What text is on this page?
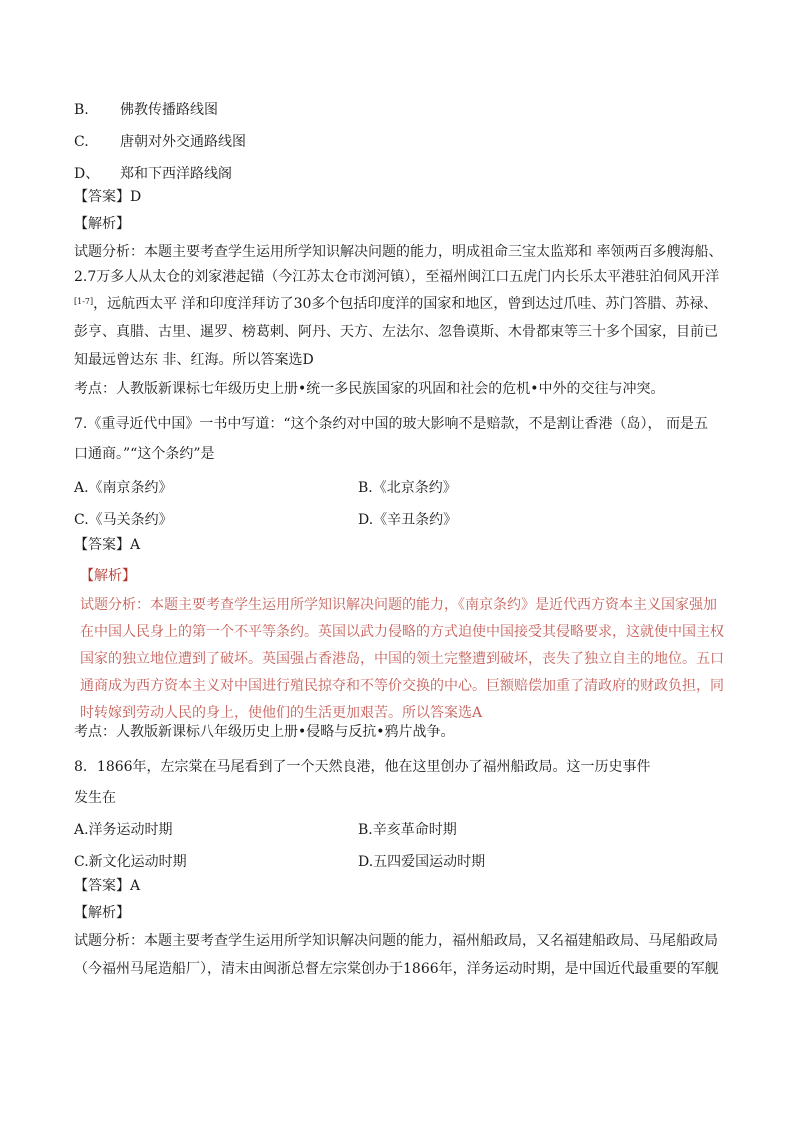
B. 佛教传播路线图
C. 唐朝对外交通路线图
D、 郑和下西洋路线阁
【答案】D
【解析】
试题分析：本题主要考查学生运用所学知识解决问题的能力，明成祖命三宝太监郑和 率领两百多艘海船、
2.7万多人从太仓的刘家港起锚（今江苏太仓市浏河镇），至福州闽江口五虎门内长乐太平港驻泊伺风开洋
[1-7]，远航西太平 洋和印度洋拜访了30多个包括印度洋的国家和地区，曾到达过爪哇、苏门答腊、苏禄、
彭亨、真腊、古里、暹罗、榜葛剌、阿丹、天方、左法尔、忽鲁谟斯、木骨都束等三十多个国家，目前已
知最远曾达东 非、红海。所以答案选D
考点：人教版新课标七年级历史上册•统一多民族国家的巩固和社会的危机•中外的交往与冲突。
7.《重寻近代中国》一书中写道：“这个条约对中国的玻大影响不是赔款，不是割让香港（岛）， 而是五
口通商。”“这个条约”是
A.《南京条约》	B.《北京条约》
C.《马关条约》	D.《辛丑条约》
【答案】A
【解析】
试题分析：本题主要考查学生运用所学知识解决问题的能力，《南京条约》是近代西方资本主义国家强加
在中国人民身上的第一个不平等条约。英国以武力侵略的方式迫使中国接受其侵略要求，这就使中国主权
国家的独立地位遭到了破坏。英国强占香港岛，中国的领土完整遭到破坏，丧失了独立自主的地位。五口
通商成为西方资本主义对中国进行殖民掠夺和不等价交换的中心。巨额赔偿加重了清政府的财政负担，同
时转嫁到劳动人民的身上，使他们的生活更加艰苦。所以答案选A
考点：人教版新课标八年级历史上册•侵略与反抗•鸦片战争。
8．1866年，左宗棠在马尾看到了一个天然良港，他在这里创办了福州船政局。这一历史事件
发生在
A.洋务运动时期	B.辛亥革命时期
C.新文化运动时期	D.五四爱国运动时期
【答案】A
【解析】
试题分析：本题主要考查学生运用所学知识解决问题的能力，福州船政局，又名福建船政局、马尾船政局
（今福州马尾造船厂），清末由闽浙总督左宗棠创办于1866年，洋务运动时期，是中国近代最重要的军舰
